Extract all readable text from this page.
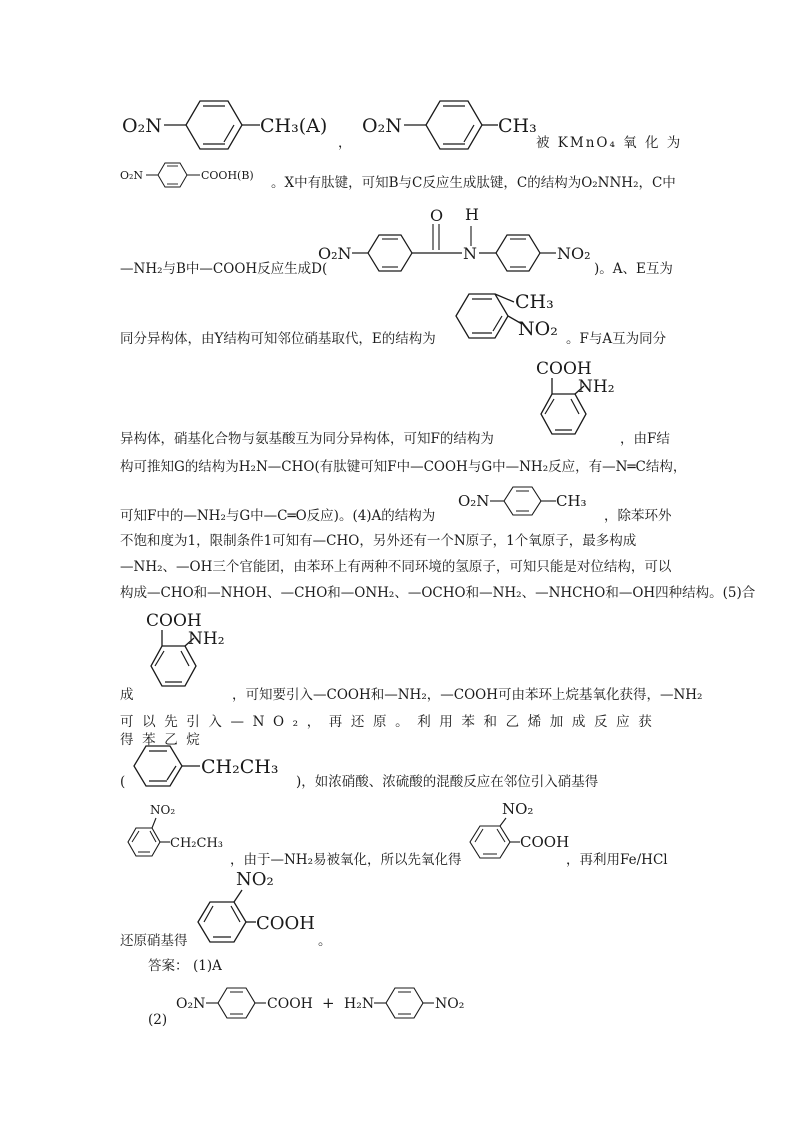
O₂N	CH₃(A)
，
O₂N	CH₃
被 KMnO₄ 氧 化 为
O₂N	COOH(B) 。X中有肽键，可知B与C反应生成肽键，C的结构为O₂NNH₂，C中
—NH₂与B中—COOH反应生成D(
O₂N
O
N
H
NO₂
)。A、E互为
同分异构体，由Y结构可知邻位硝基取代，E的结构为
CH₃
NO₂ 。F与A互为同分
异构体，硝基化合物与氨基酸互为同分异构体，可知F的结构为
COOH
NH₂
，由F结
构可推知G的结构为H₂N—CHO(有肽键可知F中—COOH与G中—NH₂反应，有—N═C结构，
可知F中的—NH₂与G中—C═O反应)。(4)A的结构为
O₂N	CH₃
，除苯环外
不饱和度为1，限制条件1可知有—CHO，另外还有一个N原子，1个氧原子，最多构成
—NH₂、—OH三个官能团，由苯环上有两种不同环境的氢原子，可知只能是对位结构，可以
构成—CHO和—NHOH、—CHO和—ONH₂、—OCHO和—NH₂、—NHCHO和—OH四种结构。(5)合
COOH
NH₂
成	，可知要引入—COOH和—NH₂，—COOH可由苯环上烷基氧化获得，—NH₂
可以先引入—NO₂，再还原。利用苯和乙烯加成反应获得苯乙烷
(
CH₂CH₃
)，如浓硝酸、浓硫酸的混酸反应在邻位引入硝基得
NO₂
CH₂CH₃
，由于—NH₂易被氧化，所以先氧化得
NO₂
COOH
，再利用Fe/HCl
还原硝基得
NO₂
COOH
。
答案： (1)A
(2)
O₂N	COOH + H₂N	NO₂
